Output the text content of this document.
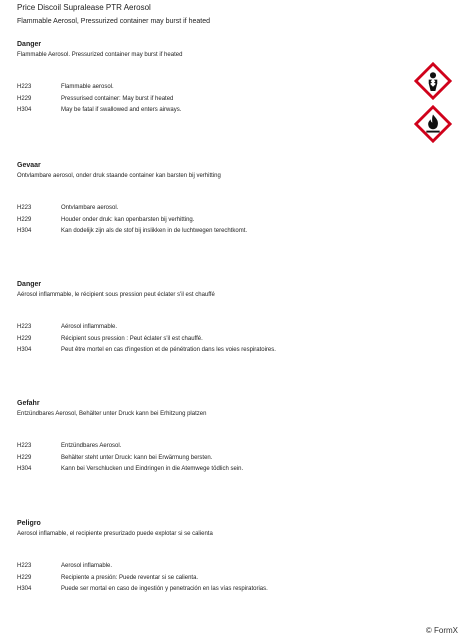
Price Discoil Supralease PTR Aerosol
Flammable Aerosol, Pressurized container may burst if heated

Danger

Flammable Aerosol. Pressurized container may burst if heated

H223	Flammable aerosol.
H229	Pressurised container: May burst if heated
H304	May be fatal if swallowed and enters airways.

Gevaar

Ontvlambare aerosol, onder druk staande container kan barsten bij verhitting

H223	Ontvlambare aerosol.
H229	Houder onder druk: kan openbarsten bij verhitting.
H304	Kan dodelijk zijn als de stof bij inslikken in de luchtwegen terechtkomt.

Danger

Aérosol inflammable, le récipient sous pression peut éclater s'il est chauffé

H223	Aérosol inflammable.
H229	Récipient sous pression : Peut éclater s'il est chauffé.
H304	Peut être mortel en cas d'ingestion et de pénétration dans les voies respiratoires.

Gefahr

Entzündbares Aerosol, Behälter unter Druck kann bei Erhitzung platzen

H223	Entzündbares Aerosol.
H229	Behälter steht unter Druck: kann bei Erwärmung bersten.
H304	Kann bei Verschlucken und Eindringen in die Atemwege tödlich sein.

Peligro

Aerosol inflamable, el recipiente presurizado puede explotar si se calienta

H223	Aerosol inflamable.
H229	Recipiente a presión: Puede reventar si se calienta.
H304	Puede ser mortal en caso de ingestión y penetración en las vías respiratorias.
© FormX
